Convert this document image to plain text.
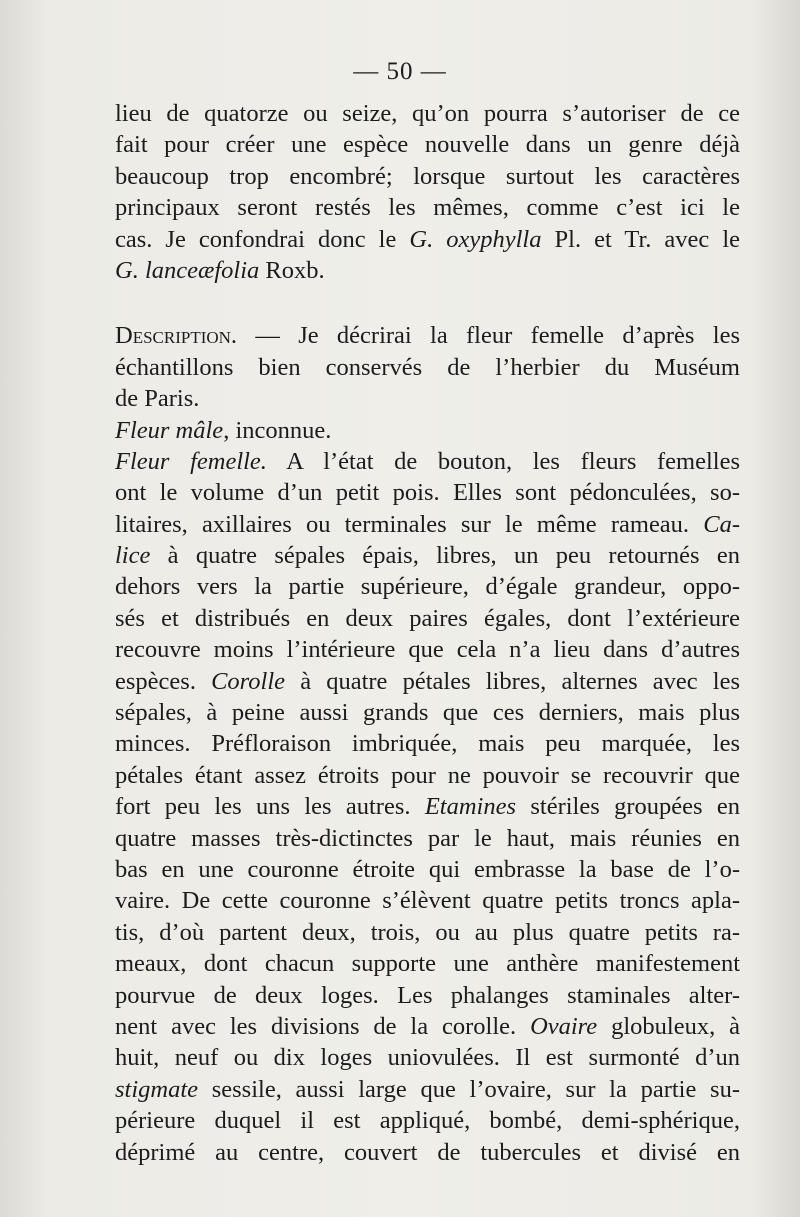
— 50 —
lieu de quatorze ou seize, qu’on pourra s’autoriser de ce
fait pour créer une espèce nouvelle dans un genre déjà
beaucoup trop encombré; lorsque surtout les caractères
principaux seront restés les mêmes, comme c’est ici le
cas. Je confondrai donc le G. oxyphylla Pl. et Tr. avec le
G. lanceæfolia Roxb.
Description. — Je décrirai la fleur femelle d’après les
échantillons bien conservés de l’herbier du Muséum
de Paris.
Fleur mâle, inconnue.
Fleur femelle. A l’état de bouton, les fleurs femelles
ont le volume d’un petit pois. Elles sont pédonculées, so-
litaires, axillaires ou terminales sur le même rameau. Ca-
lice à quatre sépales épais, libres, un peu retournés en
dehors vers la partie supérieure, d’égale grandeur, oppo-
sés et distribués en deux paires égales, dont l’extérieure
recouvre moins l’intérieure que cela n’a lieu dans d’autres
espèces. Corolle à quatre pétales libres, alternes avec les
sépales, à peine aussi grands que ces derniers, mais plus
minces. Préfloraison imbriquée, mais peu marquée, les
pétales étant assez étroits pour ne pouvoir se recouvrir que
fort peu les uns les autres. Etamines stériles groupées en
quatre masses très-dictinctes par le haut, mais réunies en
bas en une couronne étroite qui embrasse la base de l’o-
vaire. De cette couronne s’élèvent quatre petits troncs apla-
tis, d’où partent deux, trois, ou au plus quatre petits ra-
meaux, dont chacun supporte une anthère manifestement
pourvue de deux loges. Les phalanges staminales alter-
nent avec les divisions de la corolle. Ovaire globuleux, à
huit, neuf ou dix loges uniovulées. Il est surmonté d’un
stigmate sessile, aussi large que l’ovaire, sur la partie su-
périeure duquel il est appliqué, bombé, demi-sphérique,
déprimé au centre, couvert de tubercules et divisé en
